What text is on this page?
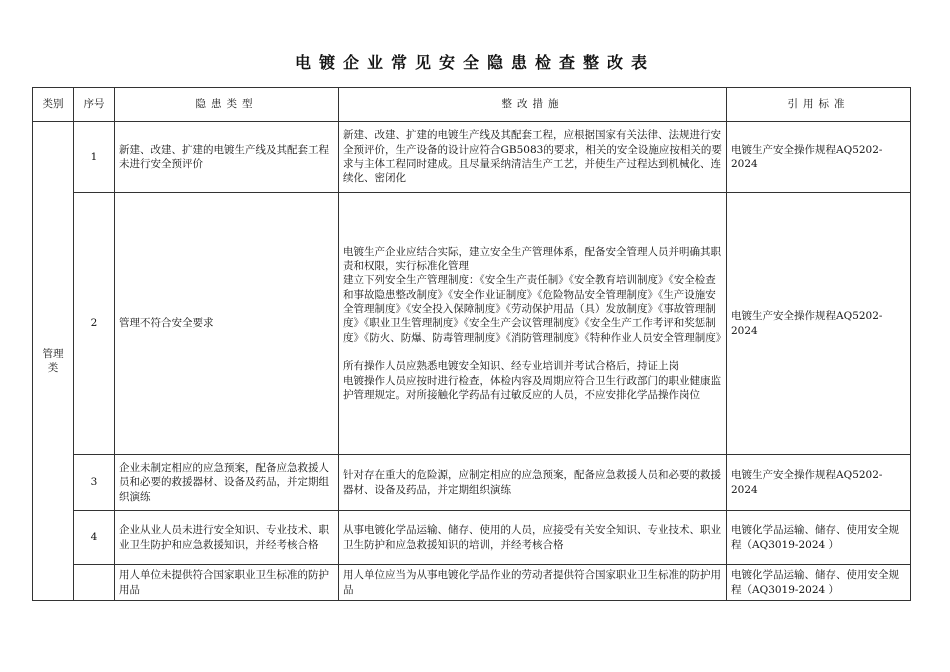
电镀企业常见安全隐患检查整改表
类别	序号	隐患类型	整改措施	引用标准
管理类	1	新建、改建、扩建的电镀生产线及其配套工程未进行安全预评价	新建、改建、扩建的电镀生产线及其配套工程，应根据国家有关法律、法规进行安全预评价，生产设备的设计应符合GB5083的要求，相关的安全设施应按相关的要求与主体工程同时建成。且尽量采纳清洁生产工艺，并使生产过程达到机械化、连续化、密闭化	电镀生产安全操作规程AQ5202-2024
	2	管理不符合安全要求	电镀生产企业应结合实际，建立安全生产管理体系，配备安全管理人员并明确其职责和权限，实行标准化管理
建立下列安全生产管理制度：《安全生产责任制》《安全教育培训制度》《安全检查和事故隐患整改制度》《安全作业证制度》《危险物品安全管理制度》《生产设施安全管理制度》《安全投入保障制度》《劳动保护用品（具）发放制度》《事故管理制度》《职业卫生管理制度》《安全生产会议管理制度》《安全生产工作考评和奖惩制度》《防火、防爆、防毒管理制度》《消防管理制度》《特种作业人员安全管理制度》
所有操作人员应熟悉电镀安全知识、经专业培训并考试合格后，持证上岗
电镀操作人员应按时进行检查，体检内容及周期应符合卫生行政部门的职业健康监护管理规定。对所接触化学药品有过敏反应的人员，不应安排化学品操作岗位	电镀生产安全操作规程AQ5202-2024
	3	企业未制定相应的应急预案，配备应急救援人员和必要的救援器材、设备及药品，并定期组织演练	针对存在重大的危险源，应制定相应的应急预案，配备应急救援人员和必要的救援器材、设备及药品，并定期组织演练	电镀生产安全操作规程AQ5202-2024
	4	企业从业人员未进行安全知识、专业技术、职业卫生防护和应急救援知识，并经考核合格	从事电镀化学品运输、储存、使用的人员，应接受有关安全知识、专业技术、职业卫生防护和应急救援知识的培训，并经考核合格	电镀化学品运输、储存、使用安全规程（AQ3019-2024 ）
		用人单位未提供符合国家职业卫生标准的防护用品	用人单位应当为从事电镀化学品作业的劳动者提供符合国家职业卫生标准的防护用品	电镀化学品运输、储存、使用安全规程（AQ3019-2024 ）
